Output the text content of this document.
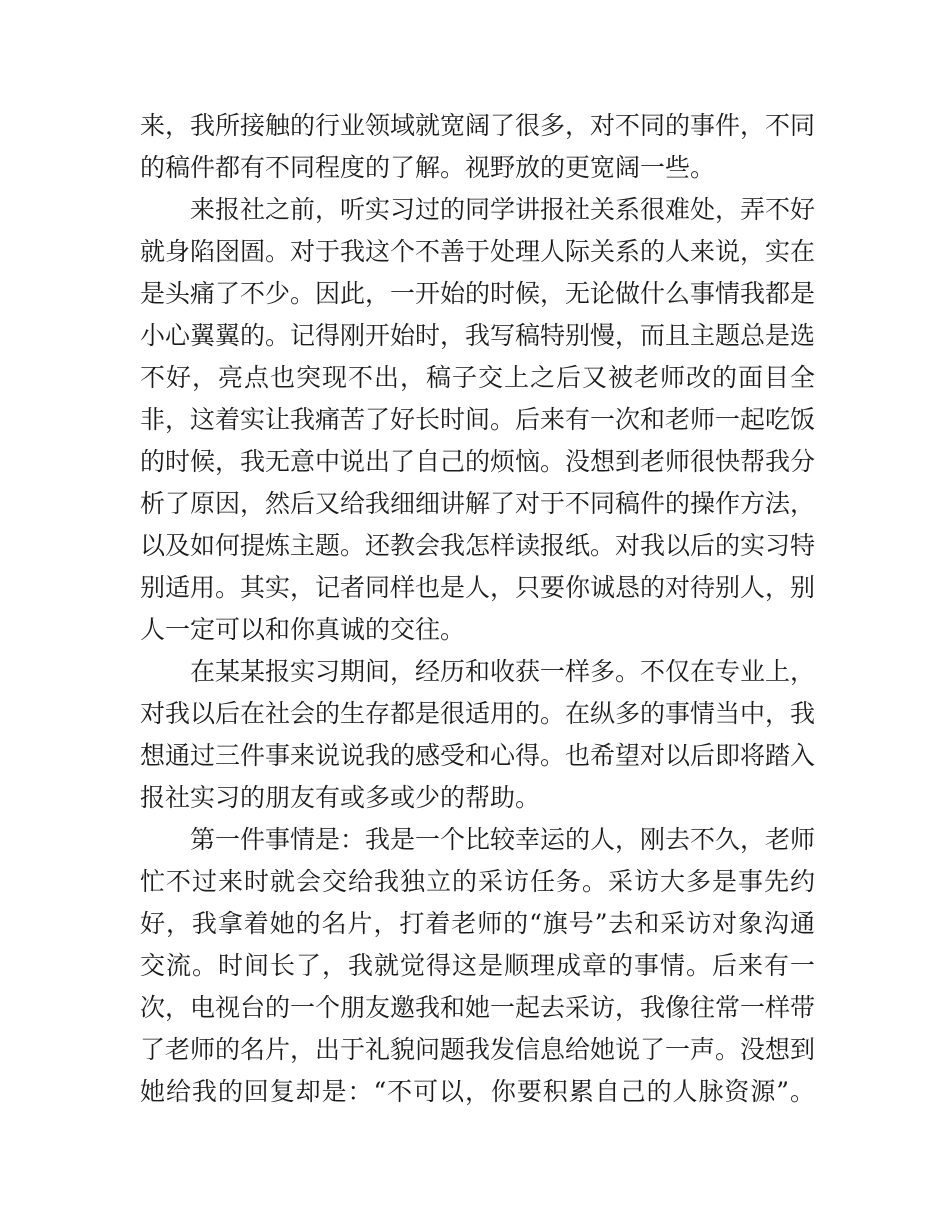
来，我所接触的行业领域就宽阔了很多，对不同的事件，不同
的稿件都有不同程度的了解。视野放的更宽阔一些。
来报社之前，听实习过的同学讲报社关系很难处，弄不好
就身陷囹圄。对于我这个不善于处理人际关系的人来说，实在
是头痛了不少。因此，一开始的时候，无论做什么事情我都是
小心翼翼的。记得刚开始时，我写稿特别慢，而且主题总是选
不好，亮点也突现不出，稿子交上之后又被老师改的面目全
非，这着实让我痛苦了好长时间。后来有一次和老师一起吃饭
的时候，我无意中说出了自己的烦恼。没想到老师很快帮我分
析了原因，然后又给我细细讲解了对于不同稿件的操作方法，
以及如何提炼主题。还教会我怎样读报纸。对我以后的实习特
别适用。其实，记者同样也是人，只要你诚恳的对待别人，别
人一定可以和你真诚的交往。
在某某报实习期间，经历和收获一样多。不仅在专业上，
对我以后在社会的生存都是很适用的。在纵多的事情当中，我
想通过三件事来说说我的感受和心得。也希望对以后即将踏入
报社实习的朋友有或多或少的帮助。
第一件事情是：我是一个比较幸运的人，刚去不久，老师
忙不过来时就会交给我独立的采访任务。采访大多是事先约
好，我拿着她的名片，打着老师的“旗号”去和采访对象沟通
交流。时间长了，我就觉得这是顺理成章的事情。后来有一
次，电视台的一个朋友邀我和她一起去采访，我像往常一样带
了老师的名片，出于礼貌问题我发信息给她说了一声。没想到
她给我的回复却是：“不可以，你要积累自己的人脉资源”。
